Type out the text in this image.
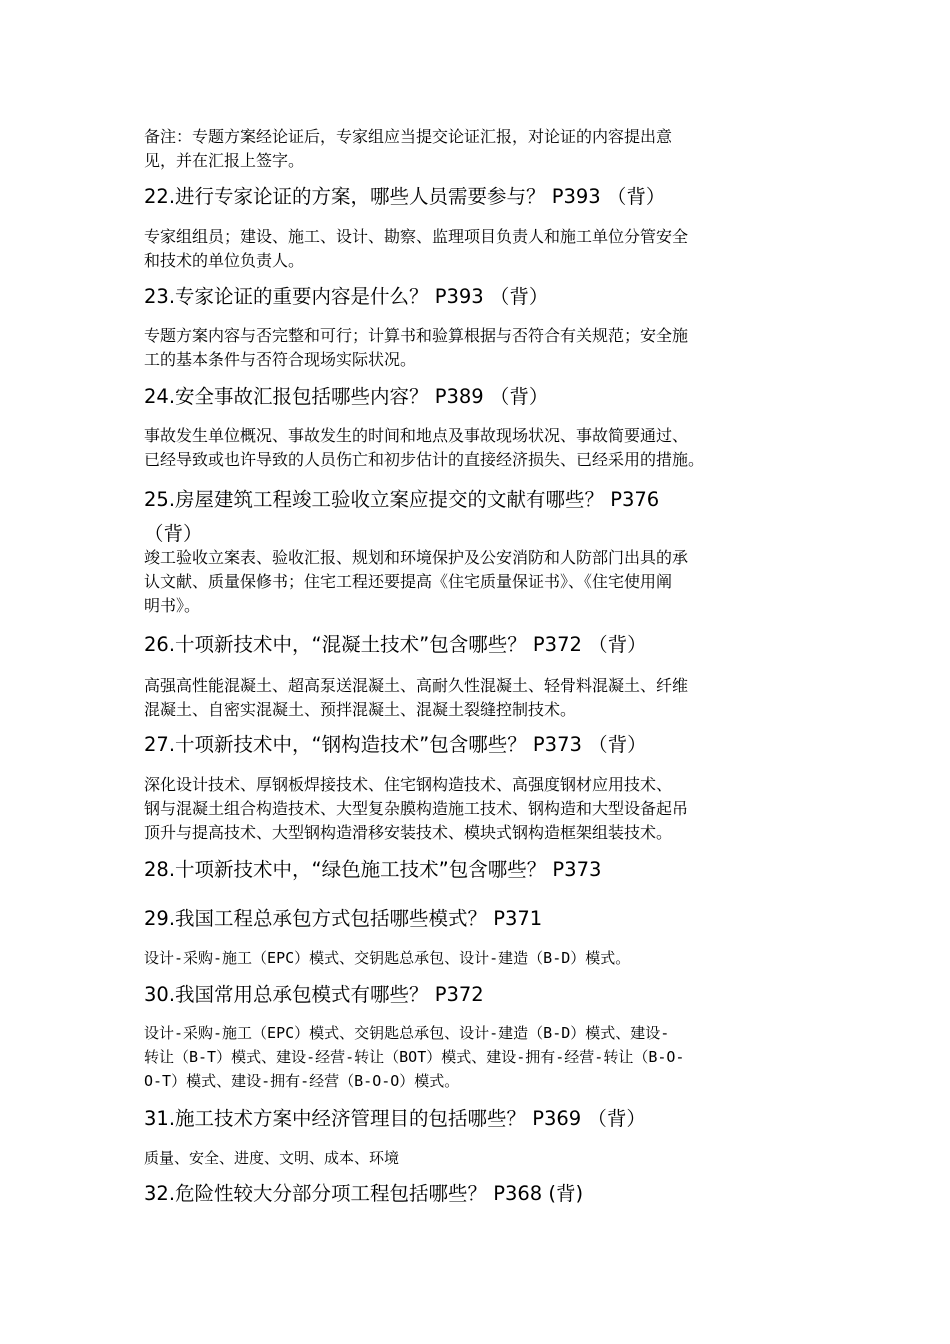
备注：专题方案经论证后，专家组应当提交论证汇报，对论证的内容提出意
见，并在汇报上签字。
22.进行专家论证的方案，哪些人员需要参与？ P393 （背）
专家组组员；建设、施工、设计、勘察、监理项目负责人和施工单位分管安全
和技术的单位负责人。
23.专家论证的重要内容是什么？ P393 （背）
专题方案内容与否完整和可行；计算书和验算根据与否符合有关规范；安全施
工的基本条件与否符合现场实际状况。
24.安全事故汇报包括哪些内容？ P389 （背）
事故发生单位概况、事故发生的时间和地点及事故现场状况、事故简要通过、
已经导致或也许导致的人员伤亡和初步估计的直接经济损失、已经采用的措施。
25.房屋建筑工程竣工验收立案应提交的文献有哪些？ P376
（背）
竣工验收立案表、验收汇报、规划和环境保护及公安消防和人防部门出具的承
认文献、质量保修书；住宅工程还要提高《住宅质量保证书》、《住宅使用阐
明书》。
26.十项新技术中，“混凝土技术”包含哪些？ P372 （背）
高强高性能混凝土、超高泵送混凝土、高耐久性混凝土、轻骨料混凝土、纤维
混凝土、自密实混凝土、预拌混凝土、混凝土裂缝控制技术。
27.十项新技术中，“钢构造技术”包含哪些？ P373 （背）
深化设计技术、厚钢板焊接技术、住宅钢构造技术、高强度钢材应用技术、
钢与混凝土组合构造技术、大型复杂膜构造施工技术、钢构造和大型设备起吊
顶升与提高技术、大型钢构造滑移安装技术、模块式钢构造框架组装技术。
28.十项新技术中，“绿色施工技术”包含哪些？ P373
29.我国工程总承包方式包括哪些模式？ P371
设计-采购-施工（EPC）模式、交钥匙总承包、设计-建造（B-D）模式。
30.我国常用总承包模式有哪些？ P372
设计-采购-施工（EPC）模式、交钥匙总承包、设计-建造（B-D）模式、建设-
转让（B-T）模式、建设-经营-转让（BOT）模式、建设-拥有-经营-转让（B-O-
O-T）模式、建设-拥有-经营（B-O-O）模式。
31.施工技术方案中经济管理目的包括哪些？ P369 （背）
质量、安全、进度、文明、成本、环境
32.危险性较大分部分项工程包括哪些？ P368 (背)
